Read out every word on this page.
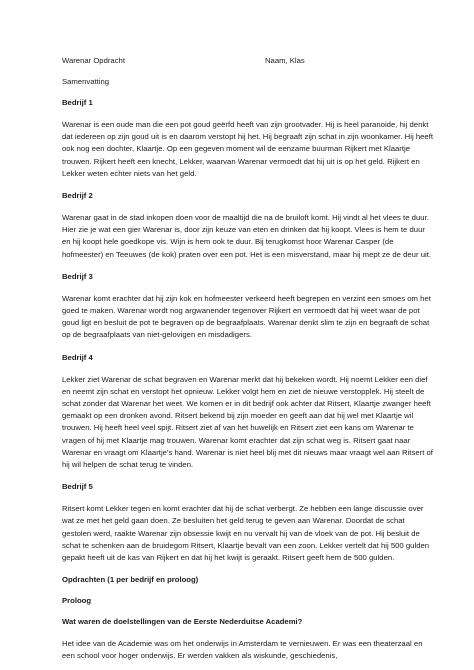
Warenar Opdracht	Naam, Klas
Samenvatting
Bedrijf 1

Warenar is een oude man die een pot goud geërfd heeft van zijn grootvader. Hij is heel paranoide, hij denkt dat iedereen op zijn goud uit is en daarom verstopt hij het. Hij begraaft zijn schat in zijn woonkamer. Hij heeft ook nog een dochter, Klaartje. Op een gegeven moment wil de eenzame buurman Rijkert met Klaartje trouwen. Rijkert heeft een knecht, Lekker, waarvan Warenar vermoedt dat hij uit is op het geld. Rijkert en Lekker weten echter niets van het geld.

Bedrijf 2

Warenar gaat in de stad inkopen doen voor de maaltijd die na de bruiloft komt. Hij vindt al het vlees te duur. Hier zie je wat een gier Warenar is, door zijn keuze van eten en drinken dat hij koopt. Vlees is hem te duur en hij koopt hele goedkope vis. Wijn is hem ook te duur. Bij terugkomst hoor Warenar Casper (de hofmeester) en Teeuwes (de kok) praten over een pot. Het is een misverstand, maar hij mept ze de deur uit.

Bedrijf 3

Warenar komt erachter dat hij zijn kok en hofmeester verkeerd heeft begrepen en verzint een smoes om het goed te maken. Warenar wordt nog argwanender tegenover Rijkert en vermoedt dat hij weet waar de pot goud ligt en besluit de pot te begraven op de begraafplaats. Warenar denkt slim te zijn en begraaft de schat op de begraafplaats van niet-gelovigen en misdadigers.

Bedrijf 4

Lekker ziet Warenar de schat begraven en Warenar merkt dat hij bekeken wordt. Hij noemt Lekker een dief en neemt zijn schat en verstopt het opnieuw. Lekker volgt hem en ziet de nieuwe verstopplek. Hij steelt de schat zonder dat Warenar het weet. We komen er in dit bedrijf ook achter dat Ritsert, Klaartje zwanger heeft gemaakt op een dronken avond. Ritsert bekend bij zijn moeder en geeft aan dat hij wel met Klaartje wil trouwen. Hij heeft heel veel spijt. Ritsert ziet af van het huwelijk en Ritsert ziet een kans om Warenar te vragen of hij met Klaartje mag trouwen. Warenar komt erachter dat zijn schat weg is. Ritsert gaat naar Warenar en vraagt om Klaartje's hand. Warenar is niet heel blij met dit nieuws maar vraagt wel aan Ritsert of hij wil helpen de schat terug te vinden.

Bedrijf 5

Ritsert komt Lekker tegen en komt erachter dat hij de schat verbergt. Ze hebben een lange discussie over wat ze met het geld gaan doen. Ze besluiten het geld terug te geven aan Warenar. Doordat de schat gestolen werd, raakte Warenar zijn obsessie kwijt en nu vervalt hij van de vloek van de pot. Hij besluit de schat te schenken aan de bruidegom Ritsert, Klaartje bevalt van een zoon. Lekker vertelt dat hij 500 gulden gepakt heeft uit de kas van Rijkert en dat hij het kwijt is geraakt. Ritsert geeft hem de 500 gulden.

Opdrachten (1 per bedrijf en proloog)
Proloog
Wat waren de doelstellingen van de Eerste Nederduitse Academi?

Het idee van de Academie was om het onderwijs in Amsterdam te vernieuwen. Er was een theaterzaal en een school voor hoger onderwijs. Er werden vakken als wiskunde, geschiedenis,
